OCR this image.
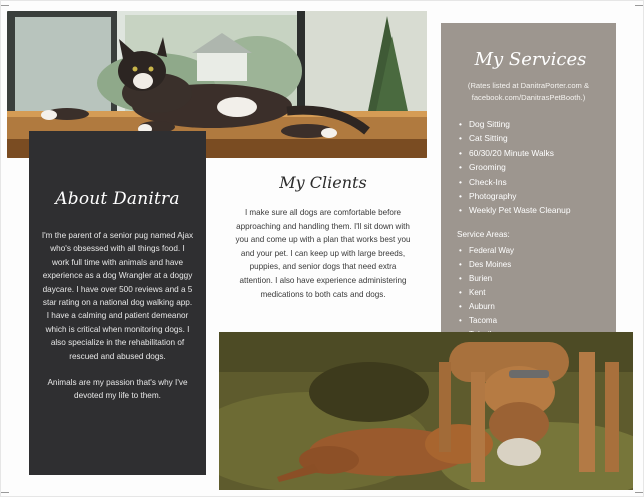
About Danitra

I'm the parent of a senior pug named Ajax who's obsessed with all things food. I work full time with animals and have experience as a dog Wrangler at a doggy daycare. I have over 500 reviews and a 5 star rating on a national dog walking app. I have a calming and patient demeanor which is critical when monitoring dogs. I also specialize in the rehabilitation of rescued and abused dogs.

Animals are my passion that's why I've devoted my life to them.

My Clients

I make sure all dogs are comfortable before approaching and handling them. I'll sit down with you and come up with a plan that works best you and your pet. I can keep up with large breeds, puppies, and senior dogs that need extra attention. I also have experience administering medications to both cats and dogs.

My Services
(Rates listed at DanitraPorter.com & facebook.com/DanitrasPetBooth.)
• Dog Sitting
• Cat Sitting
• 60/30/20 Minute Walks
• Grooming
• Check-Ins
• Photography
• Weekly Pet Waste Cleanup
Service Areas:
• Federal Way
• Des Moines
• Burien
• Kent
• Auburn
• Tacoma
•
•
